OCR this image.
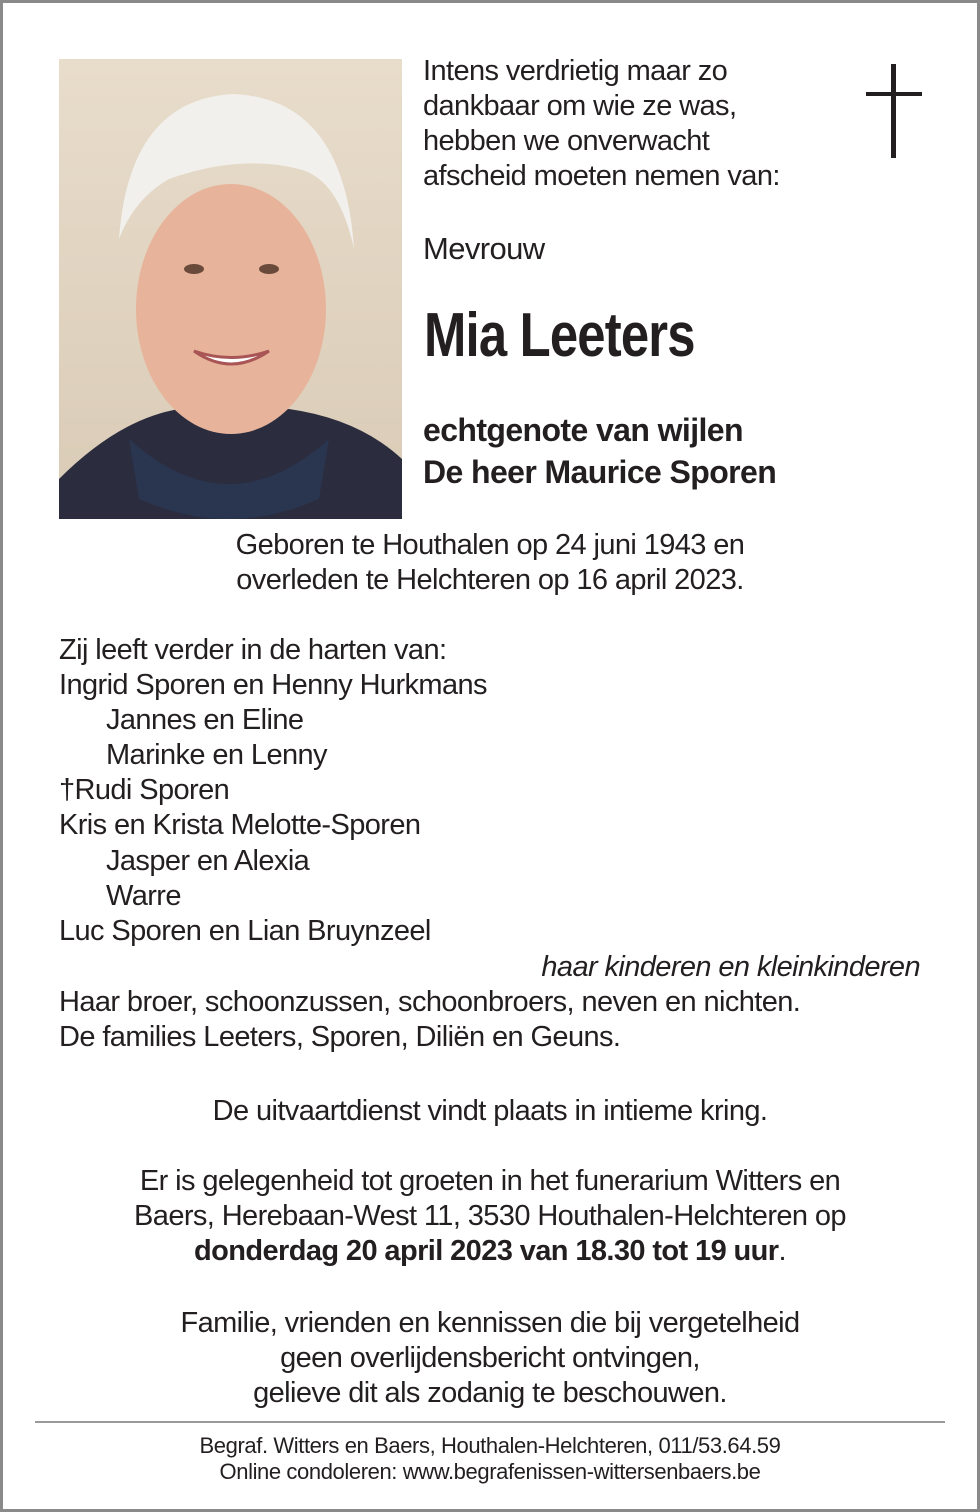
Intens verdrietig maar zo
dankbaar om wie ze was,
hebben we onverwacht
afscheid moeten nemen van:
Mevrouw
Mia Leeters
echtgenote van wijlen
De heer Maurice Sporen
Geboren te Houthalen op 24 juni 1943 en
overleden te Helchteren op 16 april 2023.
Zij leeft verder in de harten van:
Ingrid Sporen en Henny Hurkmans
Jannes en Eline
Marinke en Lenny
†Rudi Sporen
Kris en Krista Melotte-Sporen
Jasper en Alexia
Warre
Luc Sporen en Lian Bruynzeel
haar kinderen en kleinkinderen
Haar broer, schoonzussen, schoonbroers, neven en nichten.
De families Leeters, Sporen, Diliën en Geuns.
De uitvaartdienst vindt plaats in intieme kring.
Er is gelegenheid tot groeten in het funerarium Witters en
Baers, Herebaan-West 11, 3530 Houthalen-Helchteren op
donderdag 20 april 2023 van 18.30 tot 19 uur.
Familie, vrienden en kennissen die bij vergetelheid
geen overlijdensbericht ontvingen,
gelieve dit als zodanig te beschouwen.
Begraf. Witters en Baers, Houthalen-Helchteren, 011/53.64.59
Online condoleren: www.begrafenissen-wittersenbaers.be
